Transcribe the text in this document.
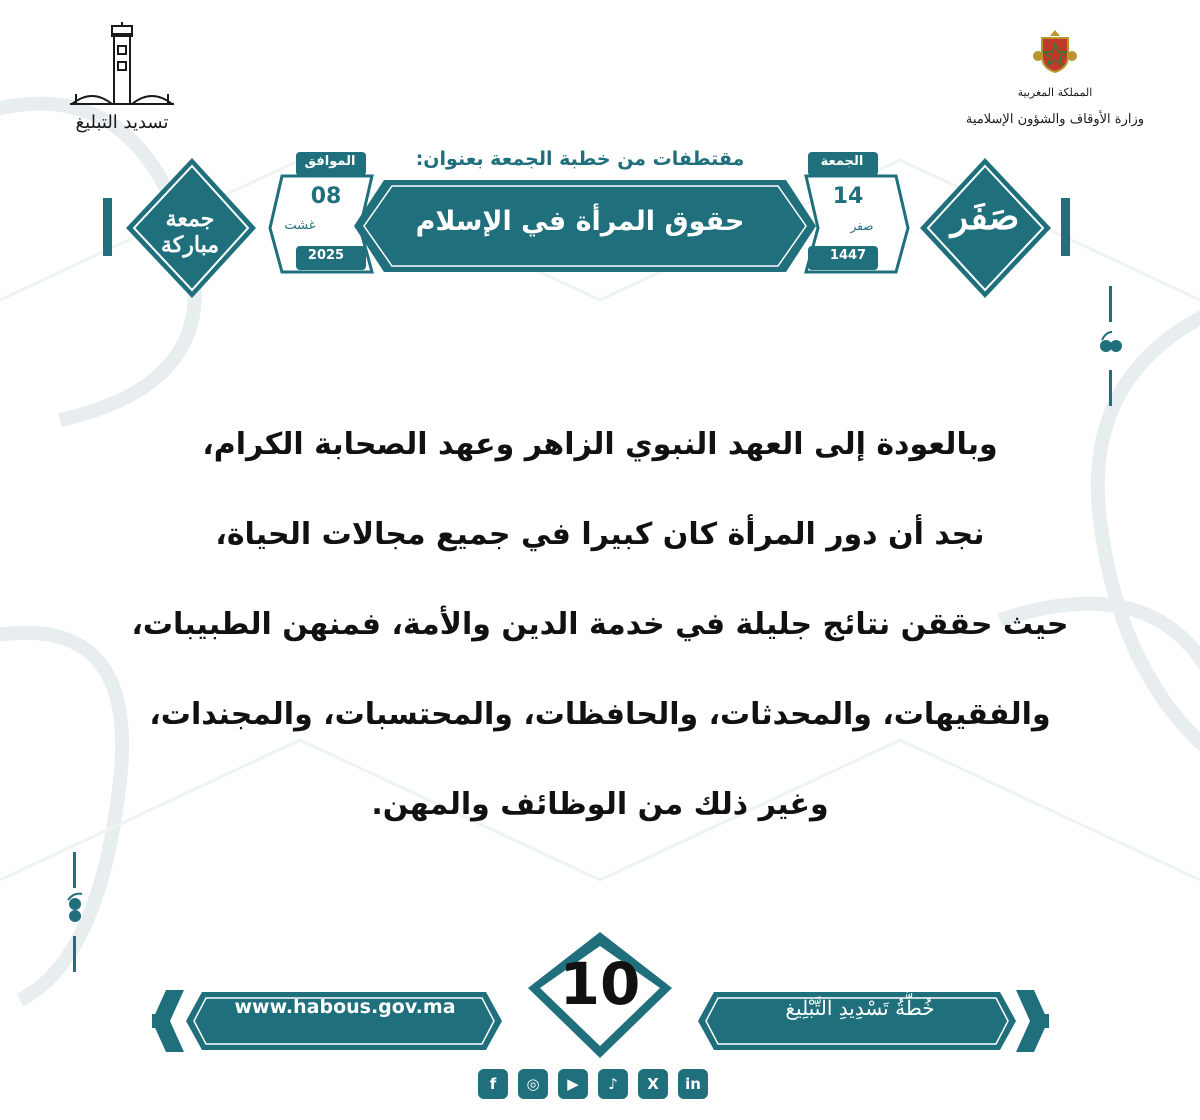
تسديد التبليغ
المملكة المغربية
وزارة الأوقاف والشؤون الإسلامية
مقتطفات من خطبة الجمعة بعنوان:
حقوق المرأة في الإسلام
الجمعة
14
صفر
1447
الموافق
08
غشت
2025
صَفَر
جمعة مباركة
وبالعودة إلى العهد النبوي الزاهر وعهد الصحابة الكرام،
نجد أن دور المرأة كان كبيرا في جميع مجالات الحياة،
حيث حققن نتائج جليلة في خدمة الدين والأمة، فمنهن الطبيبات،
والفقيهات، والمحدثات، والحافظات، والمحتسبات، والمجندات،
وغير ذلك من الوظائف والمهن.
www.habous.gov.ma	10	خُطَّةُ تَسْدِيدِ التَّبْلِيغ
f	◎	▶	♪	X	in
